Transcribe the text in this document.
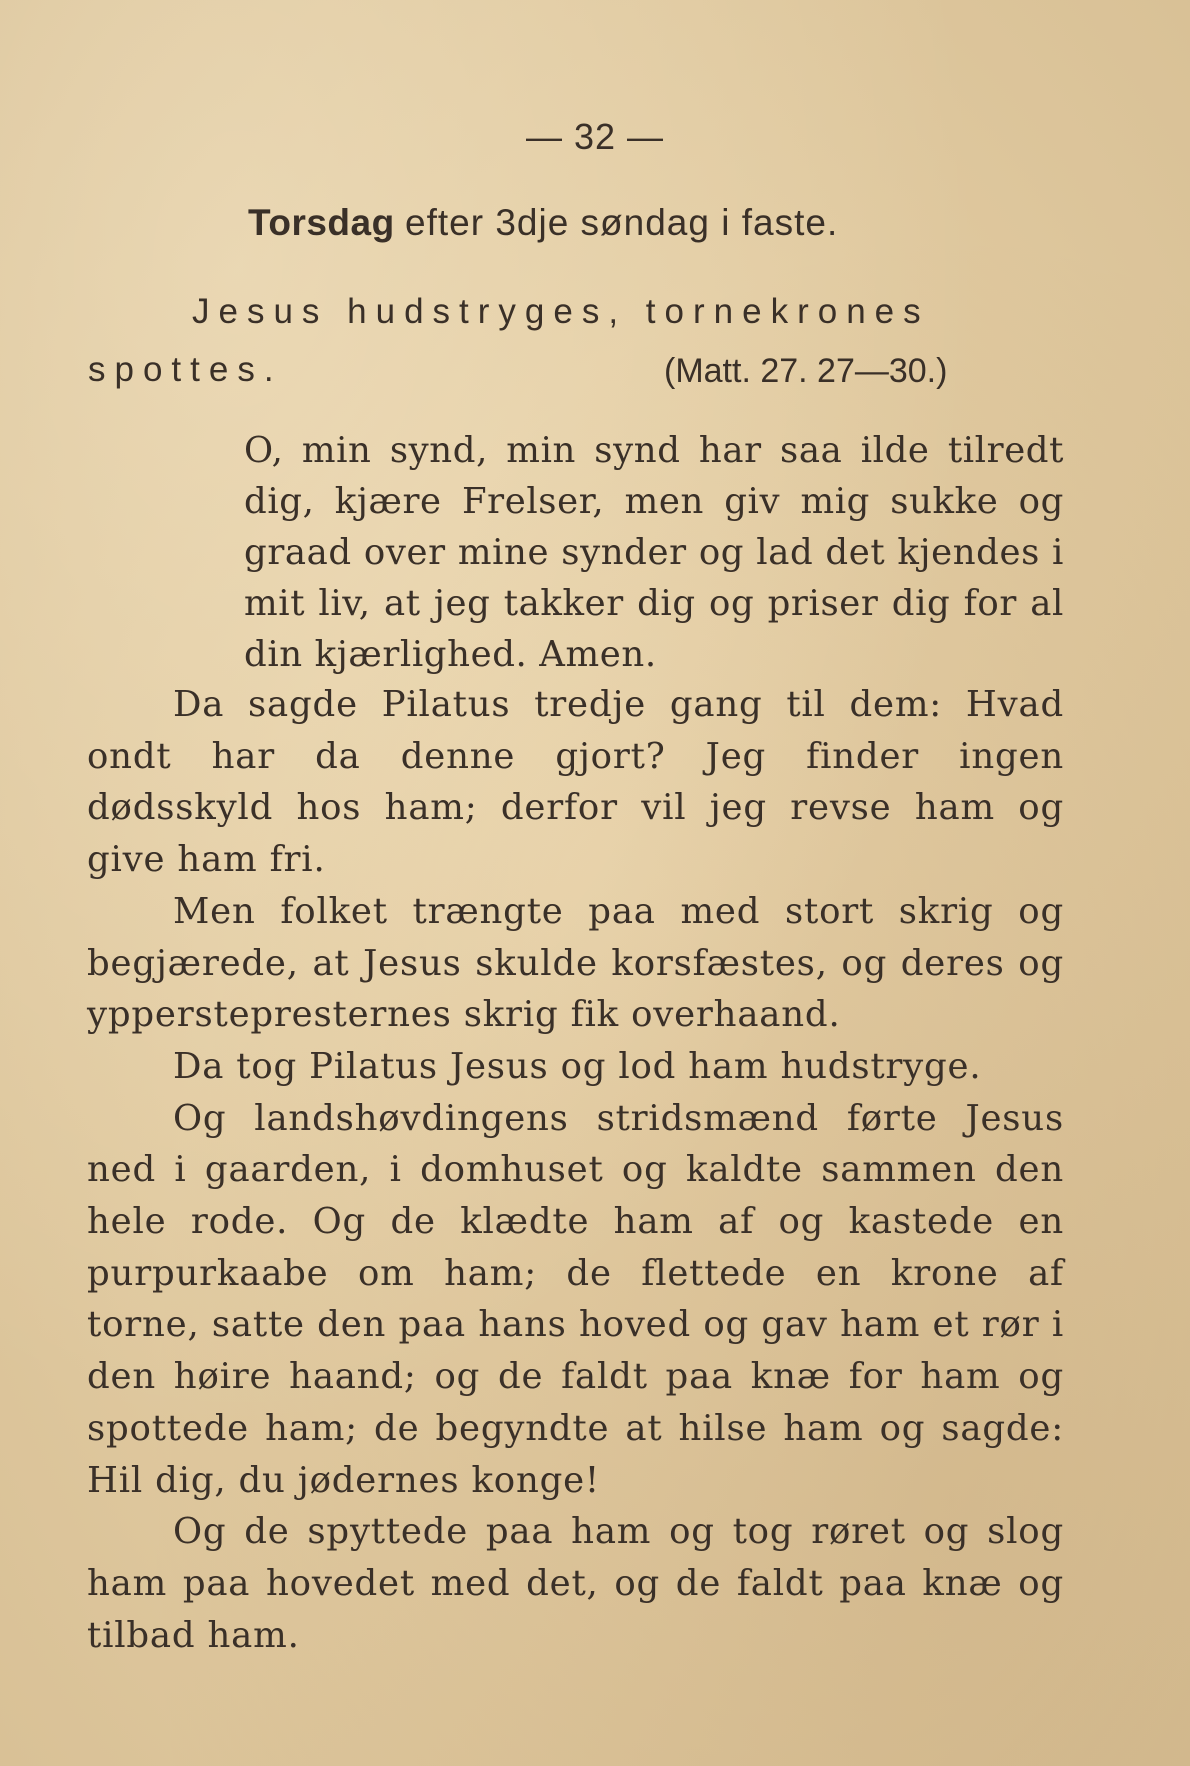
— 32 —
Torsdag efter 3dje søndag i faste.
Jesus hudstryges, tornekrones
spottes.	(Matt. 27. 27—30.)

O, min synd, min synd har saa ilde tilredt dig, kjære Frelser, men giv mig sukke og graad over mine synder og lad det kjendes i mit liv, at jeg takker dig og priser dig for al din kjærlighed. Amen.

Da sagde Pilatus tredje gang til dem: Hvad ondt har da denne gjort? Jeg finder ingen dødsskyld hos ham; derfor vil jeg revse ham og give ham fri.

Men folket trængte paa med stort skrig og begjærede, at Jesus skulde korsfæstes, og deres og ypperstepresternes skrig fik overhaand.

Da tog Pilatus Jesus og lod ham hudstryge.

Og landshøvdingens stridsmænd førte Jesus ned i gaarden, i domhuset og kaldte sammen den hele rode. Og de klædte ham af og kastede en purpurkaabe om ham; de flettede en krone af torne, satte den paa hans hoved og gav ham et rør i den høire haand; og de faldt paa knæ for ham og spottede ham; de begyndte at hilse ham og sagde: Hil dig, du jødernes konge!

Og de spyttede paa ham og tog røret og slog ham paa hovedet med det, og de faldt paa knæ og tilbad ham.
